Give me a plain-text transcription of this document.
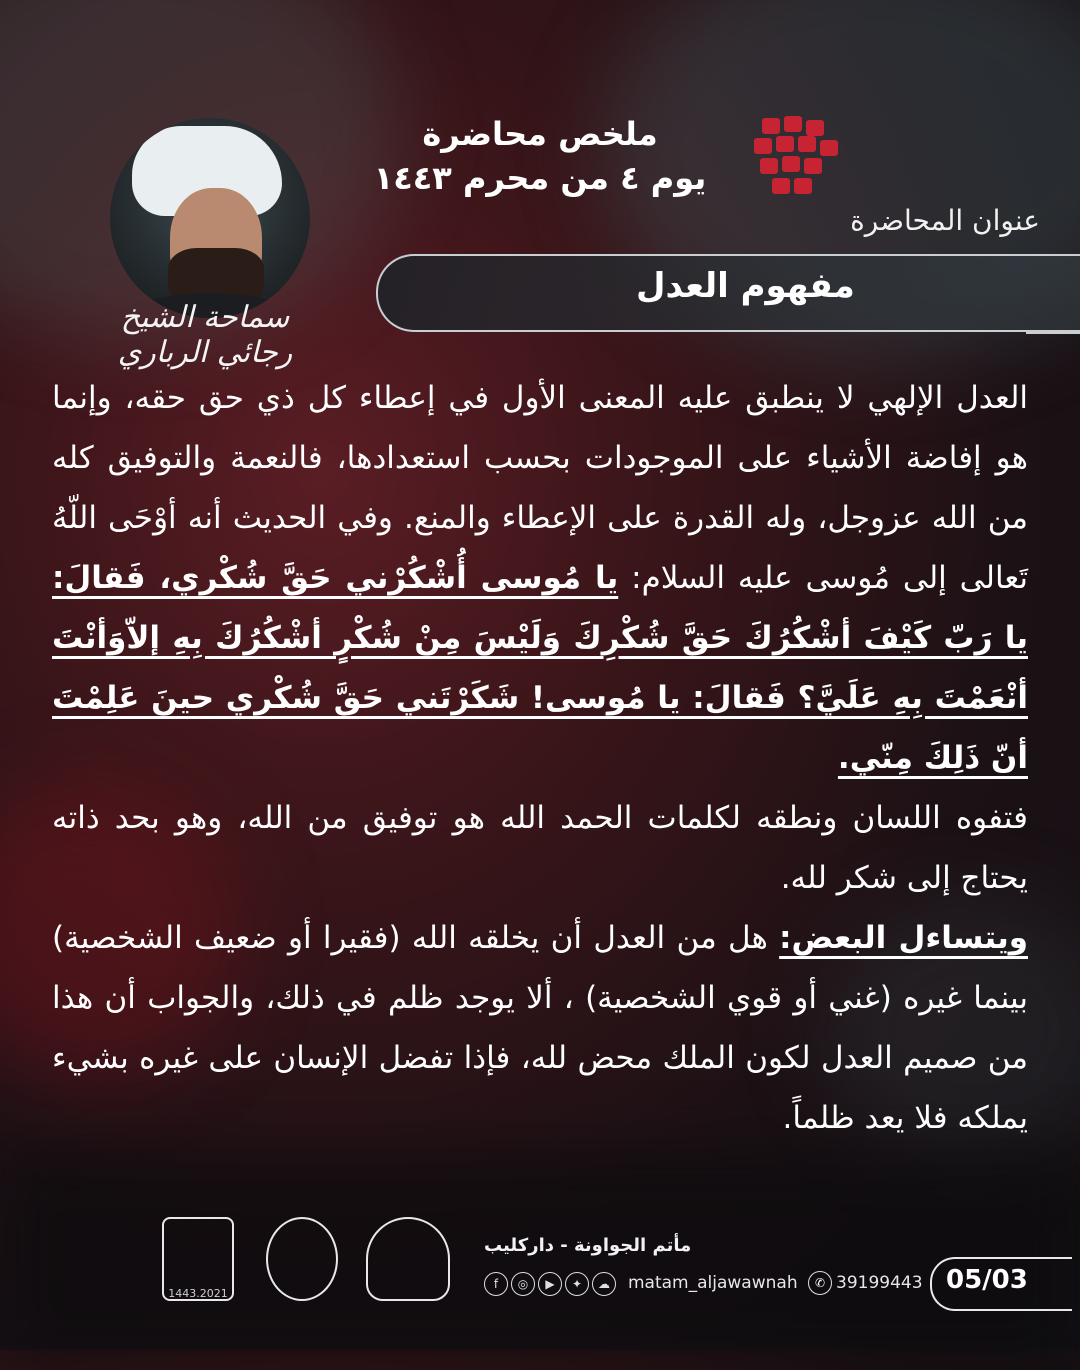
سماحة الشيخ رجائي الرباري
ملخص محاضرة
يوم ٤ من محرم ١٤٤٣
عنوان المحاضرة
مفهوم العدل

العدل الإلهي لا ينطبق عليه المعنى الأول في إعطاء كل ذي حق حقه، وإنما هو إفاضة الأشياء على الموجودات بحسب استعدادها، فالنعمة والتوفيق كله من الله عزوجل، وله القدرة على الإعطاء والمنع. وفي الحديث أنه أوْحَى اللّهُ تَعالى إلى مُوسى عليه السلام: يا مُوسى أُشْكُرْني حَقَّ شُكْري، فَقالَ: يا رَبّ كَيْفَ أشْكُرُكَ حَقَّ شُكْرِكَ وَلَيْسَ مِنْ شُكْرٍ أشْكُرُكَ بِهِ إلاّوَأنْتَ أنْعَمْتَ بِهِ عَلَيَّ؟ فَقالَ: يا مُوسى! شَكَرْتَني حَقَّ شُكْري حينَ عَلِمْتَ أنّ ذَلِكَ مِنّي.

فتفوه اللسان ونطقه لكلمات الحمد الله هو توفيق من الله، وهو بحد ذاته يحتاج إلى شكر لله.

ويتساءل البعض: هل من العدل أن يخلقه الله (فقيرا أو ضعيف الشخصية) بينما غيره (غني أو قوي الشخصية) ، ألا يوجد ظلم في ذلك، والجواب أن هذا من صميم العدل لكون الملك محض لله، فإذا تفضل الإنسان على غيره بشيء يملكه فلا يعد ظلماً.

1443.2021
مأتم الجواونة - داركليب
f	◎	▶	✦	☁	matam_aljawawnah	✆ 39199443 05/03
